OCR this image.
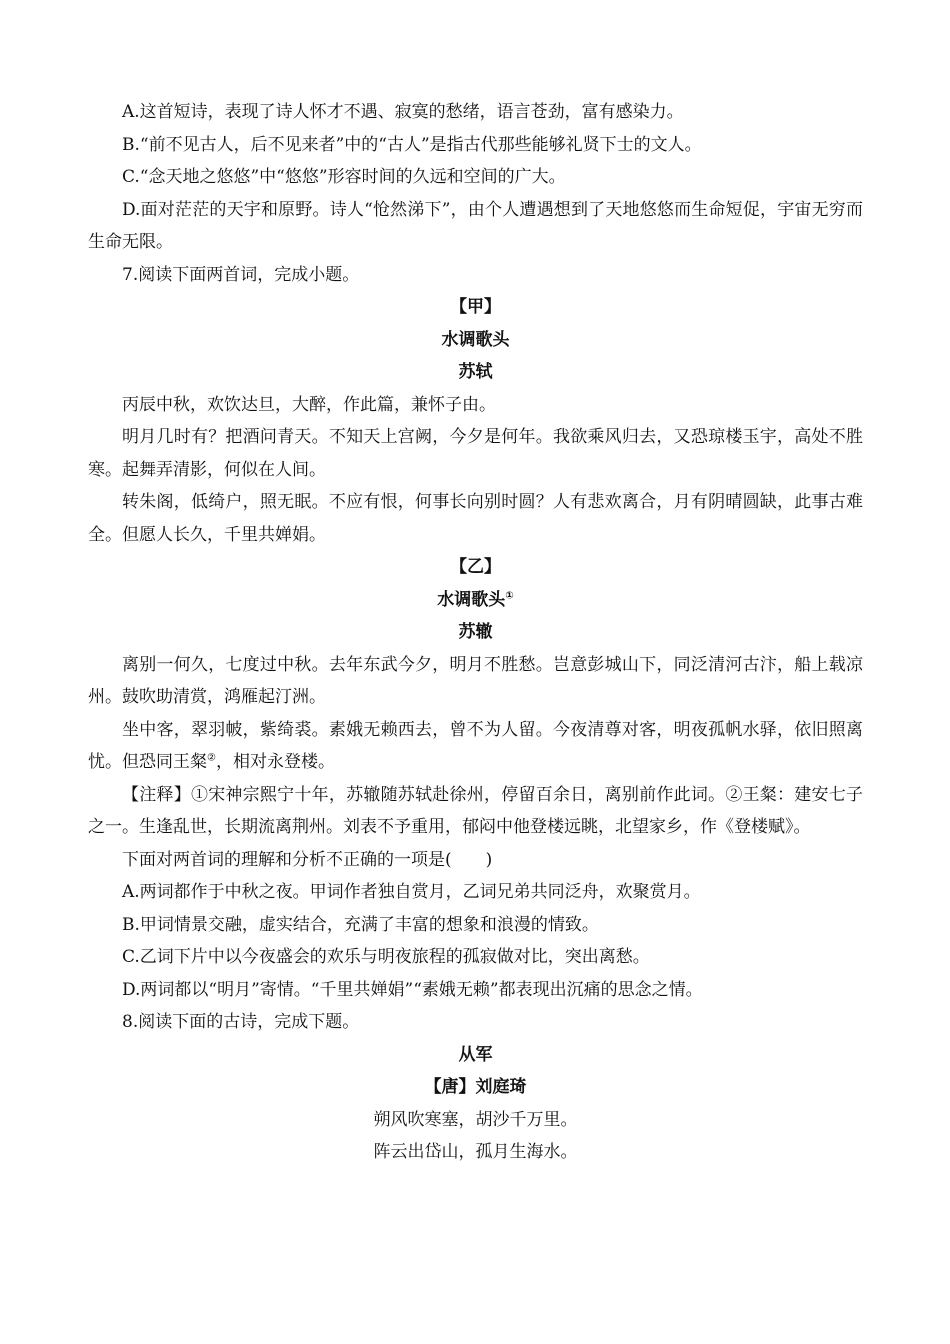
A.这首短诗，表现了诗人怀才不遇、寂寞的愁绪，语言苍劲，富有感染力。

B.“前不见古人，后不见来者”中的“古人”是指古代那些能够礼贤下士的文人。

C.“念天地之悠悠”中“悠悠”形容时间的久远和空间的广大。

D.面对茫茫的天宇和原野。诗人“怆然涕下”，由个人遭遇想到了天地悠悠而生命短促，宇宙无穷而生命无限。

7.阅读下面两首词，完成小题。

【甲】

水调歌头

苏轼

丙辰中秋，欢饮达旦，大醉，作此篇，兼怀子由。

明月几时有？把酒问青天。不知天上宫阙，今夕是何年。我欲乘风归去，又恐琼楼玉宇，高处不胜寒。起舞弄清影，何似在人间。

转朱阁，低绮户，照无眠。不应有恨，何事长向别时圆？人有悲欢离合，月有阴晴圆缺，此事古难全。但愿人长久，千里共婵娟。

【乙】

水调歌头①

苏辙

离别一何久，七度过中秋。去年东武今夕，明月不胜愁。岂意彭城山下，同泛清河古汴，船上载凉州。鼓吹助清赏，鸿雁起汀洲。

坐中客，翠羽帔，紫绮裘。素娥无赖西去，曾不为人留。今夜清尊对客，明夜孤帆水驿，依旧照离忧。但恐同王粲②，相对永登楼。

【注释】①宋神宗熙宁十年，苏辙随苏轼赴徐州，停留百余日，离别前作此词。②王粲：建安七子之一。生逢乱世，长期流离荆州。刘表不予重用，郁闷中他登楼远眺，北望家乡，作《登楼赋》。

下面对两首词的理解和分析不正确的一项是(　　)

A.两词都作于中秋之夜。甲词作者独自赏月，乙词兄弟共同泛舟，欢聚赏月。

B.甲词情景交融，虚实结合，充满了丰富的想象和浪漫的情致。

C.乙词下片中以今夜盛会的欢乐与明夜旅程的孤寂做对比，突出离愁。

D.两词都以“明月”寄情。“千里共婵娟”“素娥无赖”都表现出沉痛的思念之情。

8.阅读下面的古诗，完成下题。

从军

【唐】刘庭琦

朔风吹寒塞，胡沙千万里。

阵云出岱山，孤月生海水。
